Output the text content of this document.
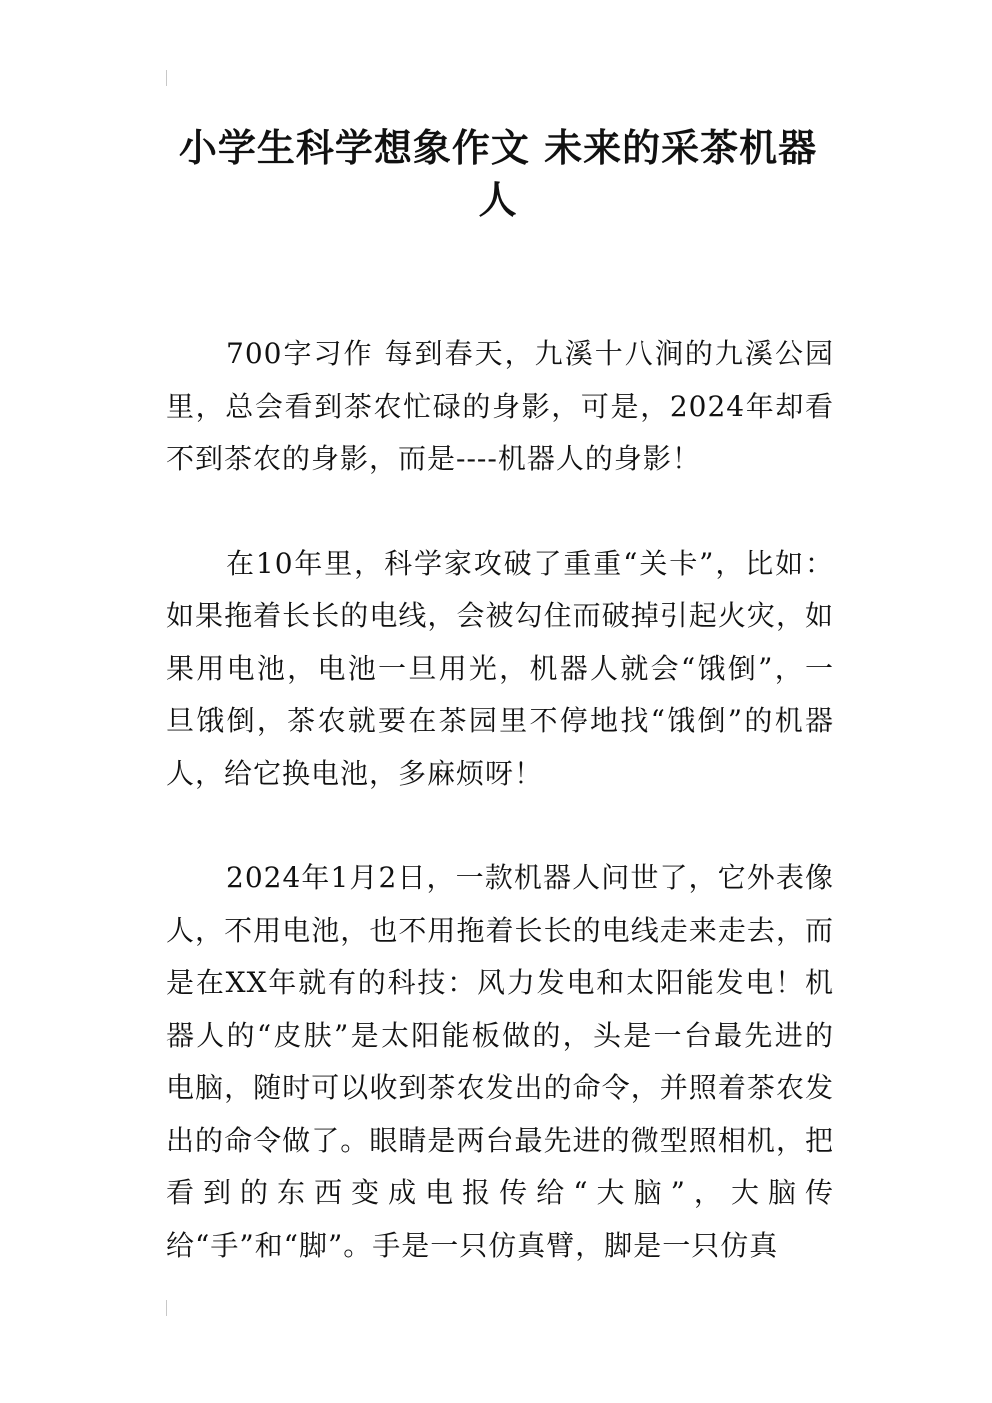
小学生科学想象作文 未来的采茶机器人

700字习作 每到春天，九溪十八涧的九溪公园里，总会看到茶农忙碌的身影，可是，2024年却看不到茶农的身影，而是----机器人的身影！

在10年里，科学家攻破了重重“关卡”，比如：如果拖着长长的电线，会被勾住而破掉引起火灾，如果用电池，电池一旦用光，机器人就会“饿倒”，一旦饿倒，茶农就要在茶园里不停地找“饿倒”的机器人，给它换电池，多麻烦呀！

2024年1月2日，一款机器人问世了，它外表像人，不用电池，也不用拖着长长的电线走来走去，而是在XX年就有的科技：风力发电和太阳能发电！机器人的“皮肤”是太阳能板做的，头是一台最先进的电脑，随时可以收到茶农发出的命令，并照着茶农发出的命令做了。眼睛是两台最先进的微型照相机，把看到的东西变成电报传给“大脑”，大脑传给“手”和“脚”。手是一只仿真臂，脚是一只仿真
